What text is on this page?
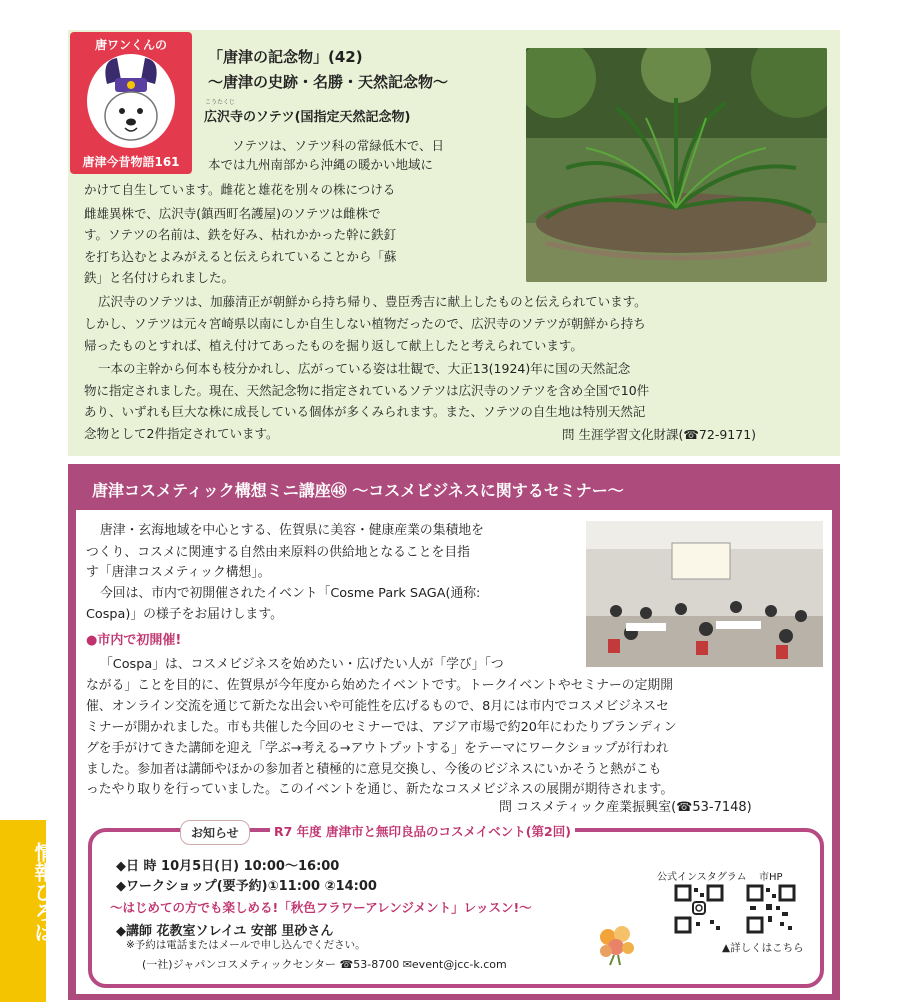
唐ワンくんの
唐津今昔物語161
「唐津の記念物」(42)
〜唐津の史跡・名勝・天然記念物〜
こうたくじ
広沢寺のソテツ(国指定天然記念物)
ソテツは、ソテツ科の常緑低木で、日
本では九州南部から沖縄の暖かい地域に
かけて自生しています。雌花と雄花を別々の株につける
雌雄異株で、広沢寺(鎮西町名護屋)のソテツは雌株で
す。ソテツの名前は、鉄を好み、枯れかかった幹に鉄釘
を打ち込むとよみがえると伝えられていることから「蘇
鉄」と名付けられました。
広沢寺のソテツは、加藤清正が朝鮮から持ち帰り、豊臣秀吉に献上したものと伝えられています。
しかし、ソテツは元々宮崎県以南にしか自生しない植物だったので、広沢寺のソテツが朝鮮から持ち
帰ったものとすれば、植え付けてあったものを掘り返して献上したと考えられています。
一本の主幹から何本も枝分かれし、広がっている姿は壮観で、大正13(1924)年に国の天然記念
物に指定されました。現在、天然記念物に指定されているソテツは広沢寺のソテツを含め全国で10件
あり、いずれも巨大な株に成長している個体が多くみられます。また、ソテツの自生地は特別天然記
念物として2件指定されています。	問 生涯学習文化財課(☎72-9171)
唐津コスメティック構想ミニ講座㊽ 〜コスメビジネスに関するセミナー〜
唐津・玄海地域を中心とする、佐賀県に美容・健康産業の集積地を
つくり、コスメに関連する自然由来原料の供給地となることを目指
す「唐津コスメティック構想」。
今回は、市内で初開催されたイベント「Cosme Park SAGA(通称:
Cospa)」の様子をお届けします。
●市内で初開催!
「Cospa」は、コスメビジネスを始めたい・広げたい人が「学び」「つ
ながる」ことを目的に、佐賀県が今年度から始めたイベントです。トークイベントやセミナーの定期開
催、オンライン交流を通じて新たな出会いや可能性を広げるもので、8月には市内でコスメビジネスセ
ミナーが開かれました。市も共催した今回のセミナーでは、アジア市場で約20年にわたりブランディン
グを手がけてきた講師を迎え「学ぶ→考える→アウトプットする」をテーマにワークショップが行われ
ました。参加者は講師やほかの参加者と積極的に意見交換し、今後のビジネスにいかそうと熱がこも
ったやり取りを行っていました。このイベントを通じ、新たなコスメビジネスの展開が期待されます。
問 コスメティック産業振興室(☎53-7148)
お知らせ	R7 年度 唐津市と無印良品のコスメイベント(第2回)
◆日 時 10月5日(日) 10:00〜16:00
◆ワークショップ(要予約)①11:00 ②14:00
〜はじめての方でも楽しめる!「秋色フラワーアレンジメント」レッスン!〜
◆講師 花教室ソレイユ 安部 里砂さん
※予約は電話またはメールで申し込んでください。
(一社)ジャパンコスメティックセンター ☎53-8700 ✉event@jcc-k.com
公式インスタグラム 市HP
▲詳しくはこちら
情報ひろば
